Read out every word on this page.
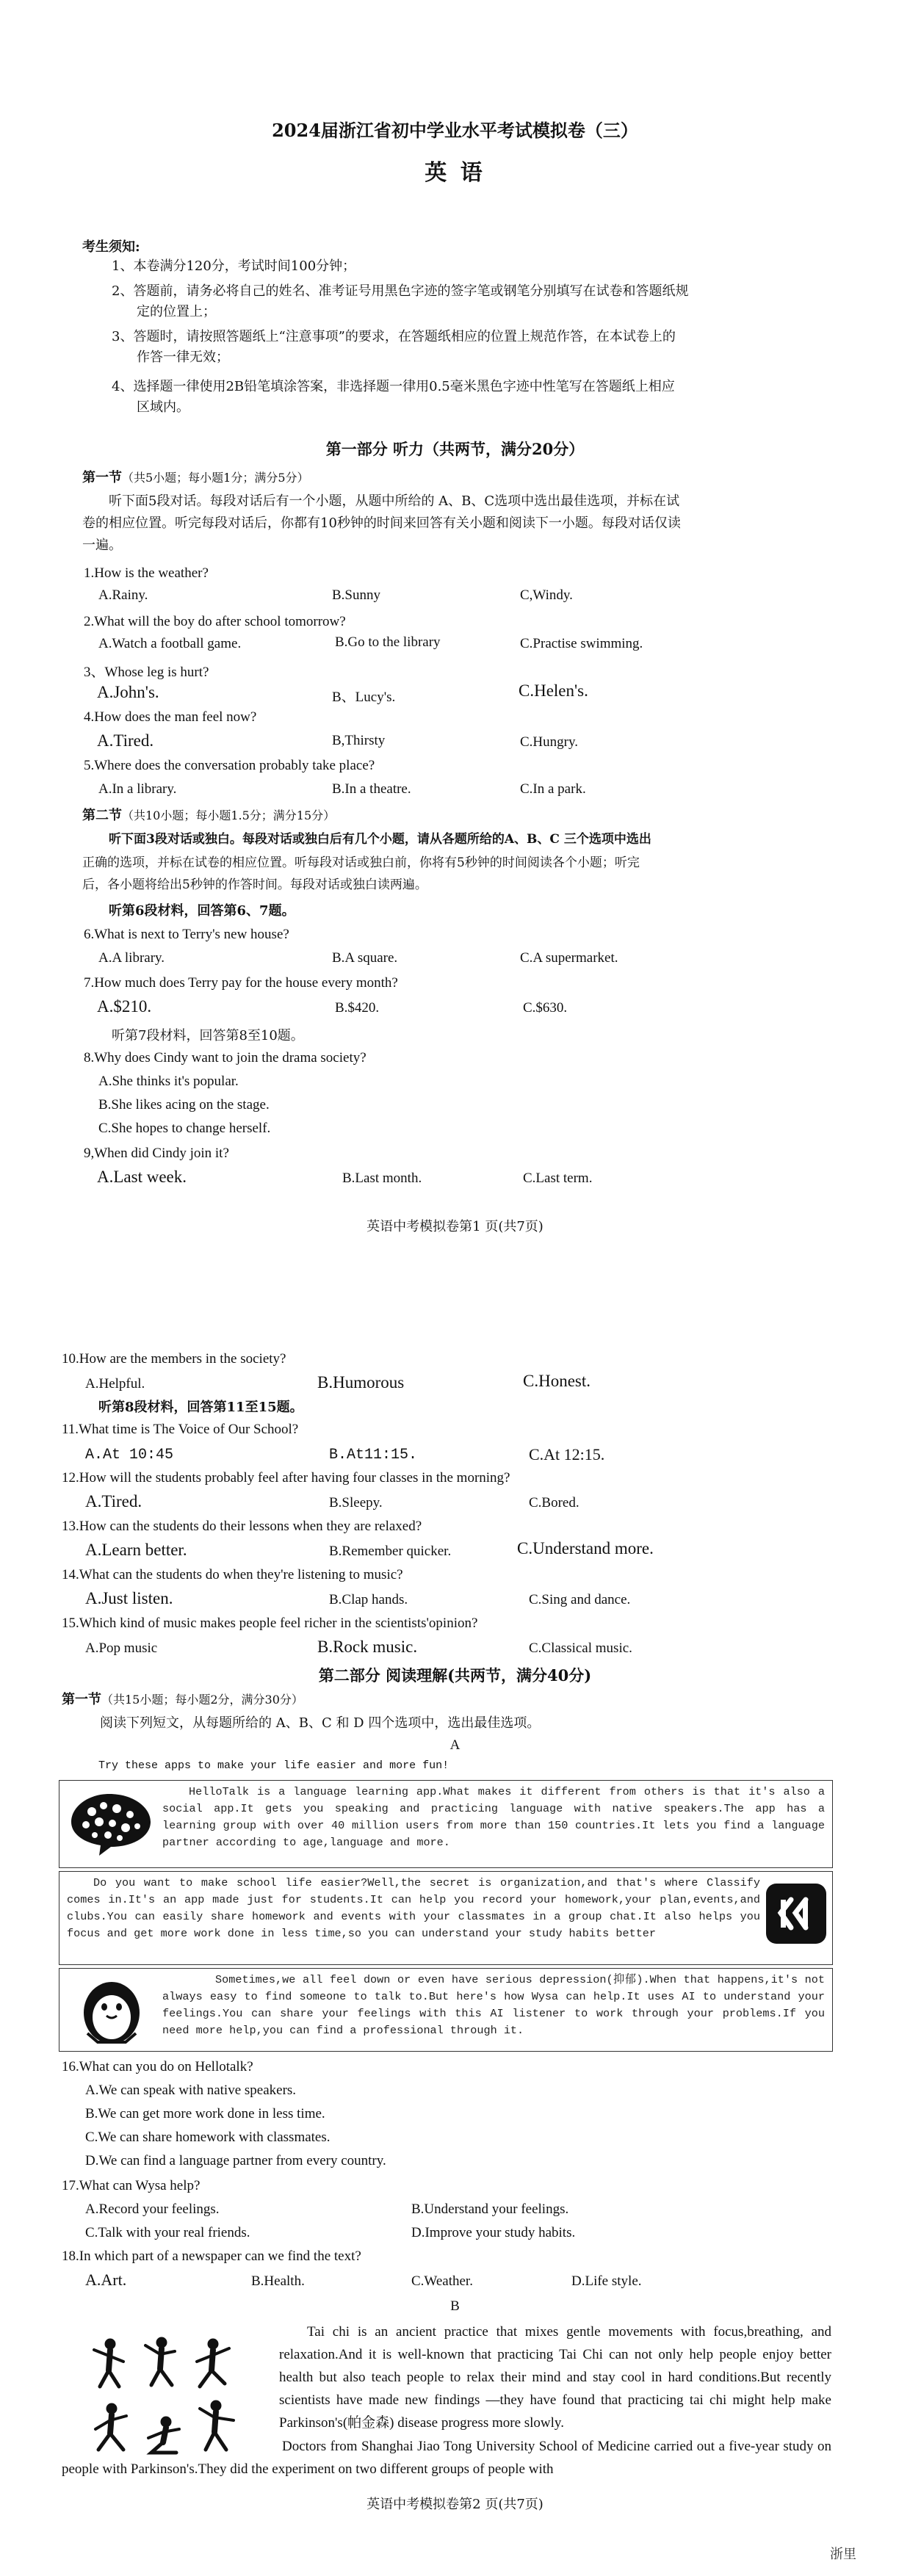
2024届浙江省初中学业水平考试模拟卷（三）
英 语
考生须知:
1、本卷满分120分，考试时间100分钟；
2、答题前，请务必将自己的姓名、准考证号用黑色字迹的签字笔或钢笔分别填写在试卷和答题纸规
定的位置上；
3、答题时，请按照答题纸上“注意事项”的要求，在答题纸相应的位置上规范作答，在本试卷上的
作答一律无效；
4、选择题一律使用2B铅笔填涂答案，非选择题一律用0.5毫米黑色字迹中性笔写在答题纸上相应
区域内。
第一部分 听力（共两节，满分20分）
第一节（共5小题；每小题1分；满分5分）
听下面5段对话。每段对话后有一个小题，从题中所给的 A、B、C选项中选出最佳选项，并标在试
卷的相应位置。听完每段对话后，你都有10秒钟的时间来回答有关小题和阅读下一小题。每段对话仅读
一遍。
1.How is the weather?
A.Rainy.	B.Sunny	C,Windy.
2.What will the boy do after school tomorrow?
A.Watch a football game.	B.Go to the library	C.Practise swimming.
3、Whose leg is hurt?
A.John's.	B、Lucy's.	C.Helen's.
4.How does the man feel now?
A.Tired.	B,Thirsty	C.Hungry.
5.Where does the conversation probably take place?
A.In a library.	B.In a theatre.	C.In a park.
第二节（共10小题；每小题1.5分；满分15分）
听下面3段对话或独白。每段对话或独白后有几个小题，请从各题所给的A、B、C 三个选项中选出
正确的选项，并标在试卷的相应位置。听每段对话或独白前，你将有5秒钟的时间阅读各个小题；听完
后，各小题将给出5秒钟的作答时间。每段对话或独白读两遍。
听第6段材料，回答第6、7题。
6.What is next to Terry's new house?
A.A library.	B.A square.	C.A supermarket.
7.How much does Terry pay for the house every month?
A.$210.	B.$420.	C.$630.
听第7段材料，回答第8至10题。
8.Why does Cindy want to join the drama society?
A.She thinks it's popular.
B.She likes acing on the stage.
C.She hopes to change herself.
9,When did Cindy join it?
A.Last week.	B.Last month.	C.Last term.
英语中考模拟卷第1 页(共7页)
10.How are the members in the society?
A.Helpful.	B.Humorous	C.Honest.
听第8段材料，回答第11至15题。
11.What time is The Voice of Our School?
A.At 10:45	B.At11:15.	C.At 12:15.
12.How will the students probably feel after having four classes in the morning?
A.Tired.	B.Sleepy.	C.Bored.
13.How can the students do their lessons when they are relaxed?
A.Learn better.	B.Remember quicker.	C.Understand more.
14.What can the students do when they're listening to music?
A.Just listen.	B.Clap hands.	C.Sing and dance.
15.Which kind of music makes people feel richer in the scientists'opinion?
A.Pop music	B.Rock music.	C.Classical music.
第二部分 阅读理解(共两节，满分40分)
第一节（共15小题；每小题2分，满分30分）
阅读下列短文，从每题所给的 A、B、C 和 D 四个选项中，选出最佳选项。
A
Try these apps to make your life easier and more fun!
HelloTalk is a language learning app.What makes it different from others is that it's also a social app.It gets you speaking and practicing language with native speakers.The app has a learning group with over 40 million users from more than 150 countries.It lets you find a language partner according to age,language and more.
Do you want to make school life easier?Well,the secret is organization,and that's where Classify comes in.It's an app made just for students.It can help you record your homework,your plan,events,and clubs.You can easily share homework and events with your classmates in a group chat.It also helps you focus and get more work done in less time,so you can understand your study habits better
Sometimes,we all feel down or even have serious depression(抑郁).When that happens,it's not always easy to find someone to talk to.But here's how Wysa can help.It uses AI to understand your feelings.You can share your feelings with this AI listener to work through your problems.If you need more help,you can find a professional through it.
16.What can you do on Hellotalk?
A.We can speak with native speakers.
B.We can get more work done in less time.
C.We can share homework with classmates.
D.We can find a language partner from every country.
17.What can Wysa help?
A.Record your feelings.	B.Understand your feelings.
C.Talk with your real friends.	D.Improve your study habits.
18.In which part of a newspaper can we find the text?
A.Art.	B.Health.	C.Weather.	D.Life style.
B
Tai chi is an ancient practice that mixes gentle movements with focus,breathing, and relaxation.And it is well-known that practicing Tai Chi can not only help people enjoy better health but also teach people to relax their mind and stay cool in hard conditions.But recently scientists have made new findings —they have found that practicing tai chi might help make Parkinson's(帕金森) disease progress more slowly.
Doctors from Shanghai Jiao Tong University School of Medicine carried out a five-year study on people with Parkinson's.They did the experiment on two different groups of people with
英语中考模拟卷第2 页(共7页)
浙里
